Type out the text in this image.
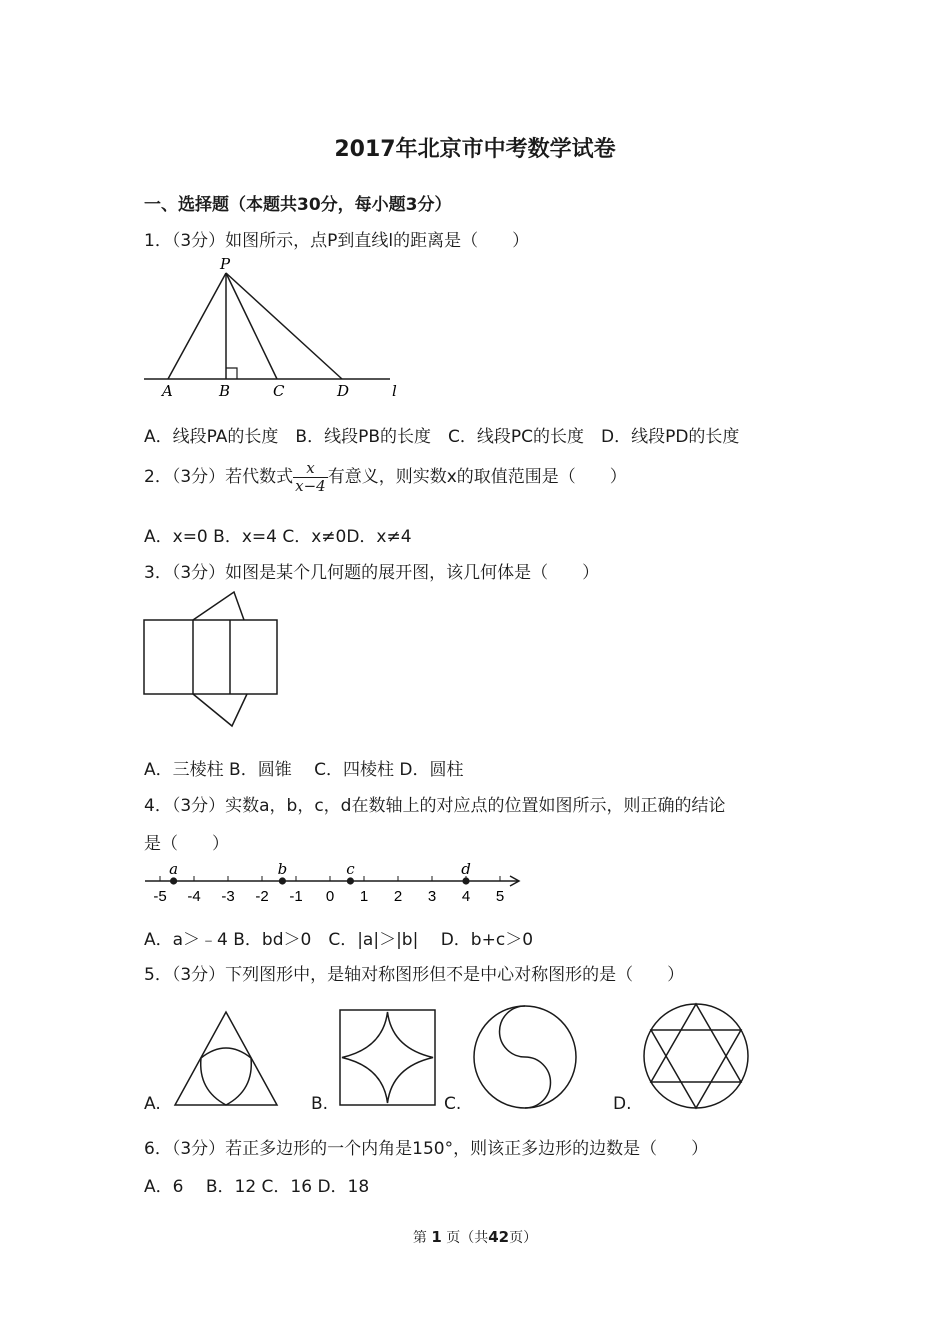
2017年北京市中考数学试卷
一、选择题（本题共30分，每小题3分）
1．（3分）如图所示，点P到直线l的距离是（　　）
P
A	B	C	D	l
A．线段PA的长度　B．线段PB的长度　C．线段PC的长度　D．线段PD的长度
2．（3分）若代数式 $\frac{x}{x-4}$ 有意义，则实数x的取值范围是（　　）
A．x=0 B．x=4 C．x≠0D．x≠4
3．（3分）如图是某个几何题的展开图，该几何体是（　　）
A．三棱柱 B．圆锥　 C．四棱柱 D．圆柱
4．（3分）实数a，b，c，d在数轴上的对应点的位置如图所示，则正确的结论
是（　　）
-5 -4 -3 -2 -1 0 1 2 3 4 5
a	b	c	d
A．a＞﹣4 B．bd＞0　C．|a|＞|b|　 D．b+c＞0
5．（3分）下列图形中，是轴对称图形但不是中心对称图形的是（　　）
A.	B.	C.	D.
6．（3分）若正多边形的一个内角是150°，则该正多边形的边数是（　　）
A．6　 B．12 C．16 D．18
第 1 页（共42页）
